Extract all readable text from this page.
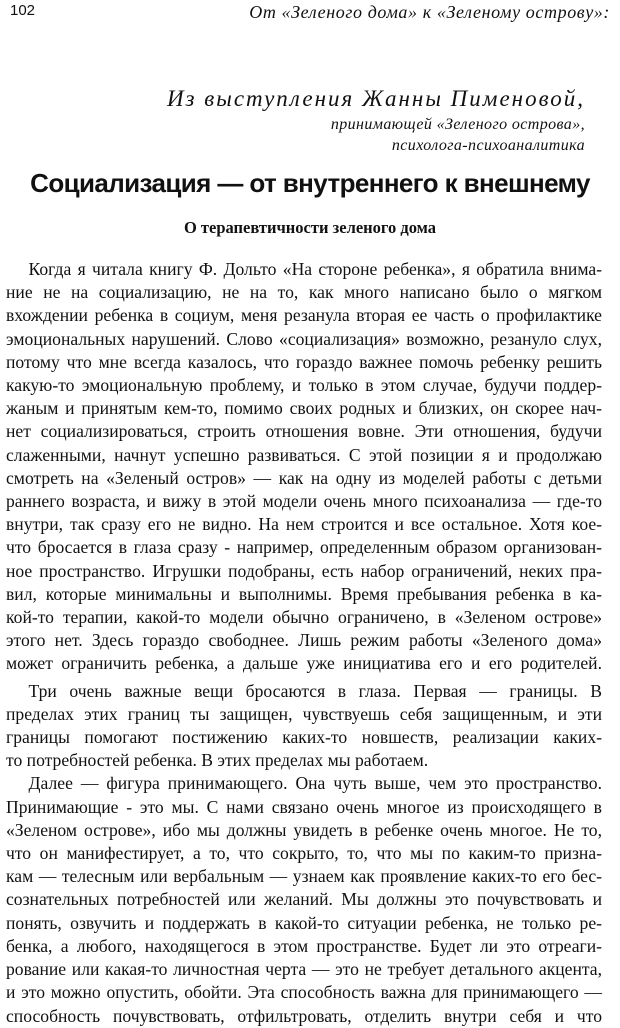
102	От «Зеленого дома» к «Зеленому острову»:
Из выступления Жанны Пименовой,
принимающей «Зеленого острова»,
психолога-психоаналитика
Социализация — от внутреннего к внешнему
О терапевтичности зеленого дома

Когда я читала книгу Ф. Дольто «На стороне ребенка», я обратила внима-
ние не на социализацию, не на то, как много написано было о мягком
вхождении ребенка в социум, меня резанула вторая ее часть о профилактике
эмоциональных нарушений. Слово «социализация» возможно, резануло слух,
потому что мне всегда казалось, что гораздо важнее помочь ребенку решить
какую-то эмоциональную проблему, и только в этом случае, будучи поддер-
жаным и принятым кем-то, помимо своих родных и близких, он скорее нач-
нет социализироваться, строить отношения вовне. Эти отношения, будучи
слаженными, начнут успешно развиваться. С этой позиции я и продолжаю
смотреть на «Зеленый остров» — как на одну из моделей работы с детьми
раннего возраста, и вижу в этой модели очень много психоанализа — где-то
внутри, так сразу его не видно. На нем строится и все остальное. Хотя кое-
что бросается в глаза сразу - например, определенным образом организован-
ное пространство. Игрушки подобраны, есть набор ограничений, неких пра-
вил, которые минимальны и выполнимы. Время пребывания ребенка в ка-
кой-то терапии, какой-то модели обычно ограничено, в «Зеленом острове»
этого нет. Здесь гораздо свободнее. Лишь режим работы «Зеленого дома»
может ограничить ребенка, а дальше уже инициатива его и его родителей.

Три очень важные вещи бросаются в глаза. Первая — границы. В
пределах этих границ ты защищен, чувствуешь себя защищенным, и эти
границы помогают постижению каких-то новшеств, реализации каких-
то потребностей ребенка. В этих пределах мы работаем.

Далее — фигура принимающего. Она чуть выше, чем это пространство.
Принимающие - это мы. С нами связано очень многое из происходящего в
«Зеленом острове», ибо мы должны увидеть в ребенке очень многое. Не то,
что он манифестирует, а то, что сокрыто, то, что мы по каким-то призна-
кам — телесным или вербальным — узнаем как проявление каких-то его бес-
сознательных потребностей или желаний. Мы должны это почувствовать и
понять, озвучить и поддержать в какой-то ситуации ребенка, не только ре-
бенка, а любого, находящегося в этом пространстве. Будет ли это отреаги-
рование или какая-то личностная черта — это не требует детального акцента,
и это можно опустить, обойти. Эта способность важна для принимающего —
способность почувствовать, отфильтровать, отделить внутри себя и что
